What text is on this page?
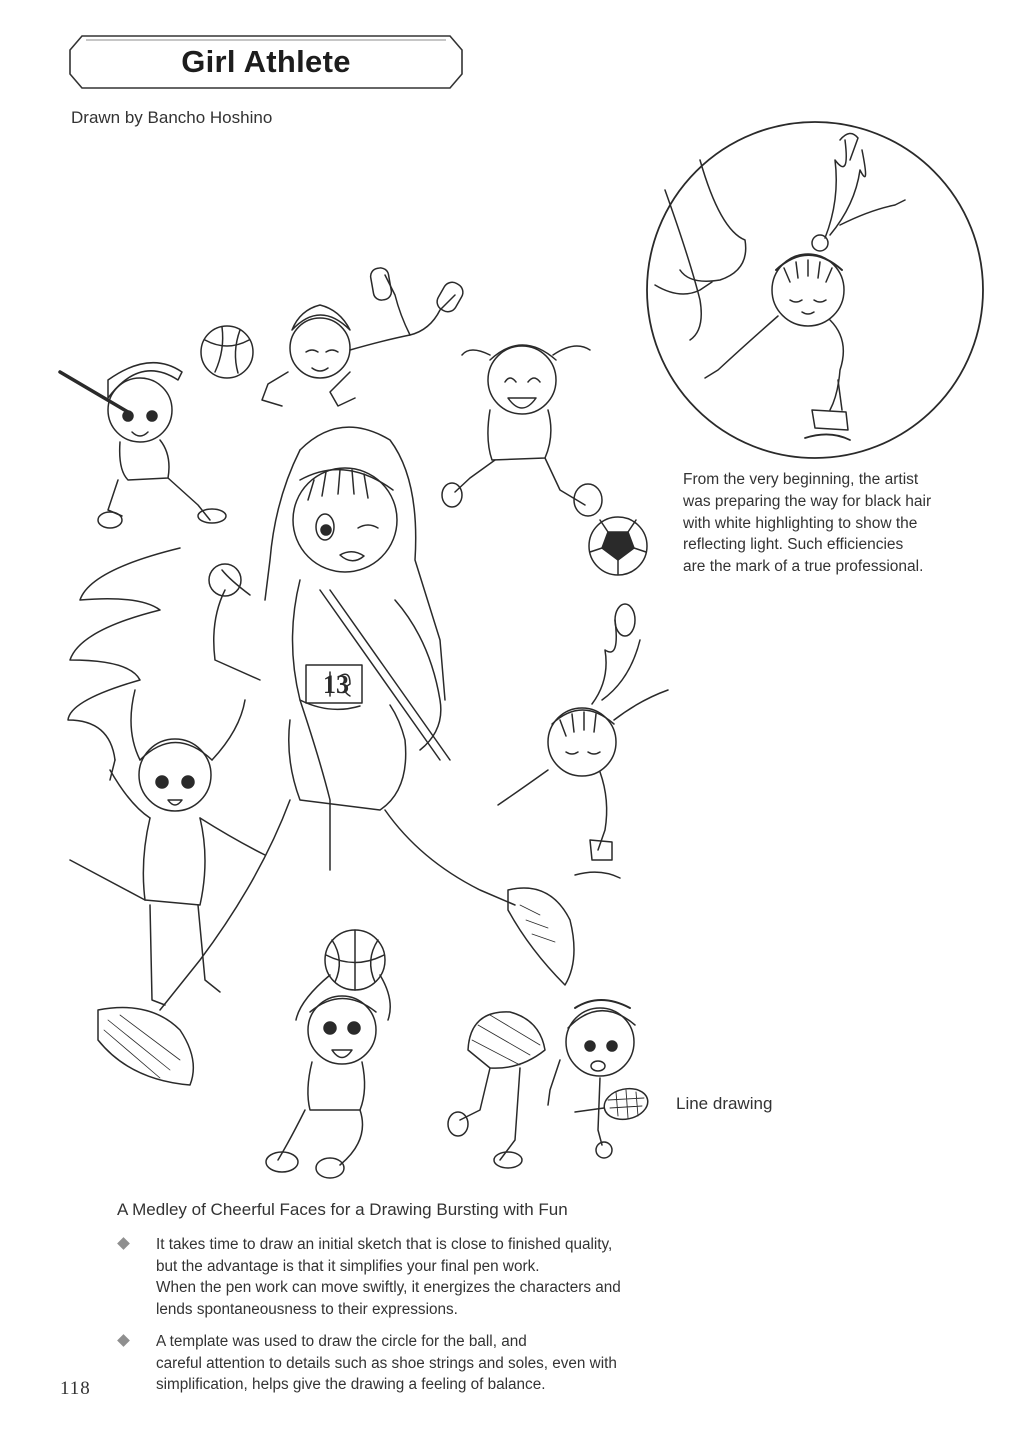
Girl Athlete
Drawn by Bancho Hoshino
From the very beginning, the artist
was preparing the way for black hair
with white highlighting to show the
reflecting light. Such efficiencies
are the mark of a true professional.
Line drawing
13
A Medley of Cheerful Faces for a Drawing Bursting with Fun
It takes time to draw an initial sketch that is close to finished quality,
but the advantage is that it simplifies your final pen work.
When the pen work can move swiftly, it energizes the characters and
lends spontaneousness to their expressions.
A template was used to draw the circle for the ball, and
careful attention to details such as shoe strings and soles, even with
simplification, helps give the drawing a feeling of balance.
118
